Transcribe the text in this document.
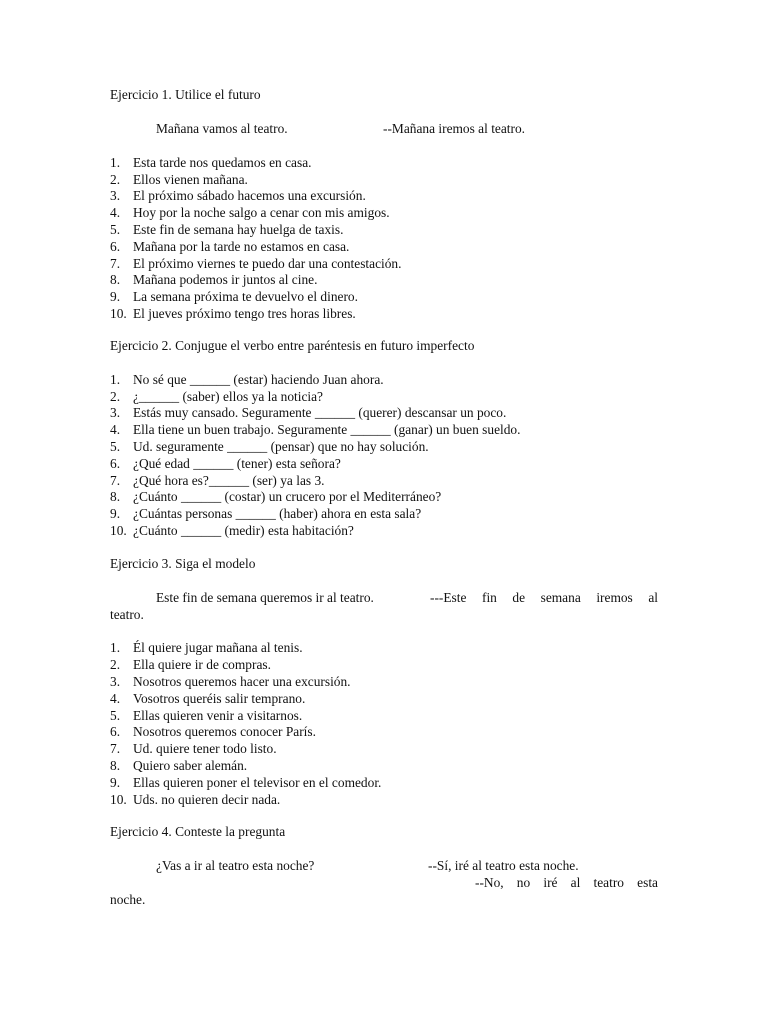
Ejercicio 1. Utilice el futuro

Mañana vamos al teatro.	--Mañana iremos al teatro.
1. Esta tarde nos quedamos en casa.
2. Ellos vienen mañana.
3. El próximo sábado hacemos una excursión.
4. Hoy por la noche salgo a cenar con mis amigos.
5. Este fin de semana hay huelga de taxis.
6. Mañana por la tarde no estamos en casa.
7. El próximo viernes te puedo dar una contestación.
8. Mañana podemos ir juntos al cine.
9. La semana próxima te devuelvo el dinero.
10. El jueves próximo tengo tres horas libres.

Ejercicio 2. Conjugue el verbo entre paréntesis en futuro imperfecto

1. No sé que ______ (estar) haciendo Juan ahora.
2. ¿______ (saber) ellos ya la noticia?
3. Estás muy cansado. Seguramente ______ (querer) descansar un poco.
4. Ella tiene un buen trabajo. Seguramente ______ (ganar) un buen sueldo.
5. Ud. seguramente ______ (pensar) que no hay solución.
6. ¿Qué edad ______ (tener) esta señora?
7. ¿Qué hora es?______ (ser) ya las 3.
8. ¿Cuánto ______ (costar) un crucero por el Mediterráneo?
9. ¿Cuántas personas ______ (haber) ahora en esta sala?
10. ¿Cuánto ______ (medir) esta habitación?

Ejercicio 3. Siga el modelo

Este fin de semana queremos ir al teatro.	---Este fin de semana iremos al
teatro.
1. Él quiere jugar mañana al tenis.
2. Ella quiere ir de compras.
3. Nosotros queremos hacer una excursión.
4. Vosotros queréis salir temprano.
5. Ellas quieren venir a visitarnos.
6. Nosotros queremos conocer París.
7. Ud. quiere tener todo listo.
8. Quiero saber alemán.
9. Ellas quieren poner el televisor en el comedor.
10. Uds. no quieren decir nada.

Ejercicio 4. Conteste la pregunta

¿Vas a ir al teatro esta noche?	--Sí, iré al teatro esta noche.
--No, no iré al teatro esta
noche.
